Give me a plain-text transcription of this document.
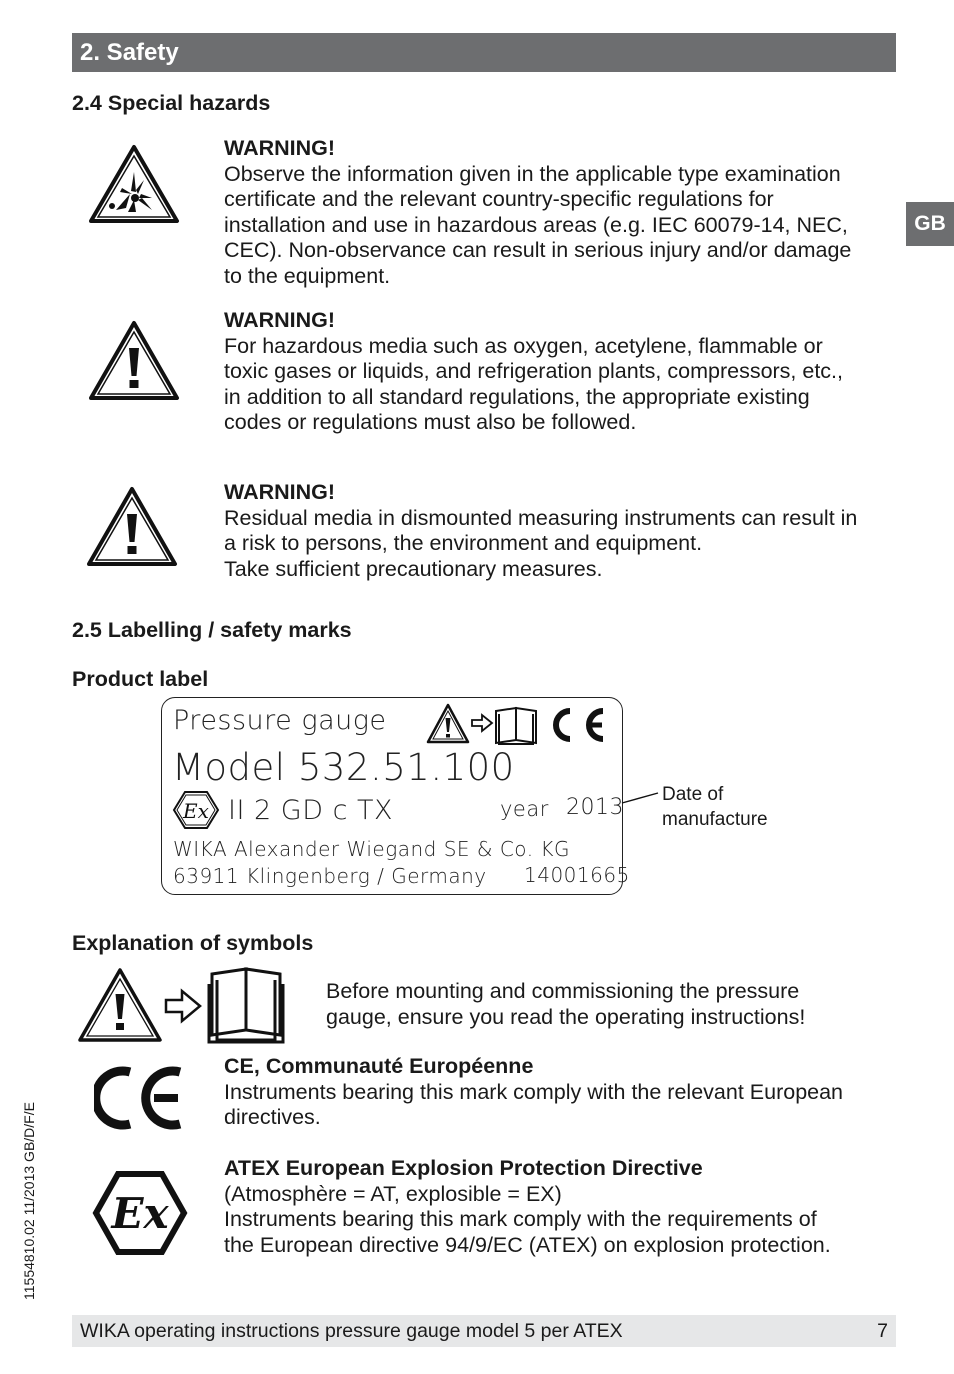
2. Safety
GB
2.4 Special hazards
WARNING!

Observe the information given in the applicable type examination

certificate and the relevant country-specific regulations for

installation and use in hazardous areas (e.g. IEC 60079-14, NEC,

CEC). Non-observance can result in serious injury and/or damage

to the equipment.

WARNING!

For hazardous media such as oxygen, acetylene, flammable or

toxic gases or liquids, and refrigeration plants, compressors, etc.,

in addition to all standard regulations, the appropriate existing

codes or regulations must also be followed.

WARNING!

Residual media in dismounted measuring instruments can result in

a risk to persons, the environment and equipment.

Take sufficient precautionary measures.

2.5 Labelling / safety marks
Product label
Pressure gauge
Model 532.51.100
Ex II 2 GD c TX	year 2013
WIKA Alexander Wiegand SE & Co. KG
63911 Klingenberg / Germany 14001665
Date of
manufacture
Explanation of symbols

Before mounting and commissioning the pressure

gauge, ensure you read the operating instructions!

CE, Communauté Européenne

Instruments bearing this mark comply with the relevant European

directives.

Ex
ATEX European Explosion Protection Directive

(Atmosphère = AT, explosible = EX)

Instruments bearing this mark comply with the requirements of

the European directive 94/9/EC (ATEX) on explosion protection.

11554810.02 11/2013 GB/D/F/E
WIKA operating instructions pressure gauge model 5 per ATEX	7
